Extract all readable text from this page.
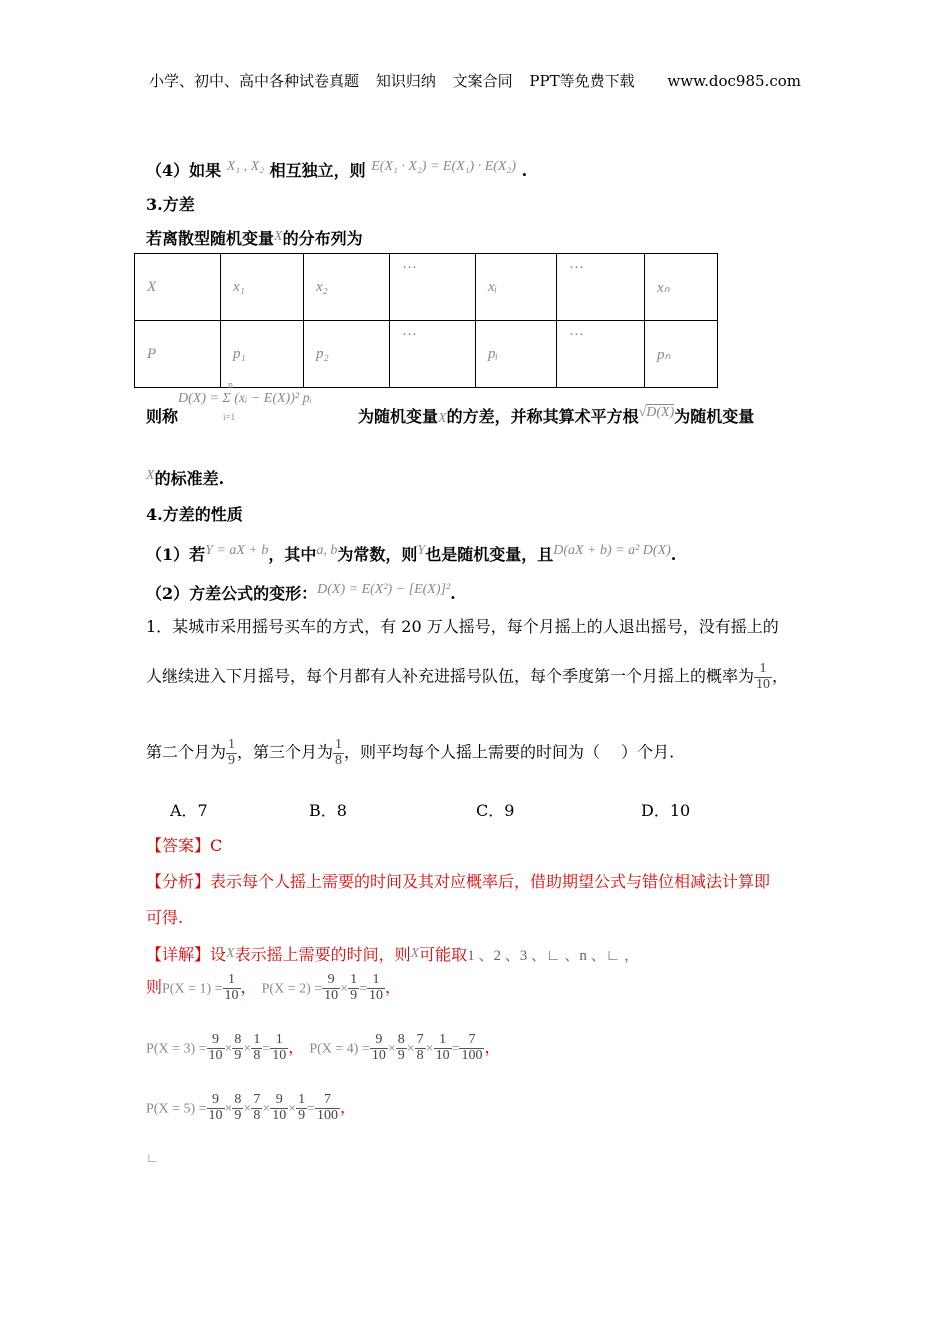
小学、初中、高中各种试卷真题 知识归纳 文案合同 PPT等免费下载 www.doc985.com
（4）如果 X₁ , X₂ 相互独立，则 E(X₁ · X₂) = E(X₁) · E(X₂) .
3.方差
若离散型随机变量X的分布列为
X	x₁	x₂	···	xᵢ	···	xₙ
P	p₁	p₂	···	pᵢ	···	pₙ
则称
n
D(X) = Σ (xᵢ − E(X))² pᵢ
i=1	为随机变量X的方差，并称其算术平方根√D(X)为随机变量
X的标准差.
4.方差的性质
（1）若Y = aX + b，其中a, b为常数，则Y也是随机变量，且D(aX + b) = a² D(X).
（2）方差公式的变形：D(X) = E(X²) − [E(X)]².
1．某城市采用摇号买车的方式，有 20 万人摇号，每个月摇上的人退出摇号，没有摇上的
人继续进入下月摇号，每个月都有人补充进摇号队伍，每个季度第一个月摇上的概率为 $\frac{1}{10}$ ，
第二个月为 $\frac{1}{9}$ ，第三个月为 $\frac{1}{8}$ ，则平均每个人摇上需要的时间为（　 ）个月.
A．7	B．8	C．9	D．10
【答案】C
【分析】表示每个人摇上需要的时间及其对应概率后，借助期望公式与错位相减法计算即
可得.
【详解】设X表示摇上需要的时间，则X可能取1 、2 、3 、∟ 、n 、∟ ，
则$P(X = 1) = \frac{1}{10}$ ， $P(X = 2) = \frac{9}{10} \times \frac{1}{9} = \frac{1}{10}$ ，
$P(X = 3) = \frac{9}{10} \times \frac{8}{9} \times \frac{1}{8} = \frac{1}{10}$ ， $P(X = 4) = \frac{9}{10} \times \frac{8}{9} \times \frac{7}{8} \times \frac{1}{10} = \frac{7}{100}$ ，
$P(X = 5) = \frac{9}{10} \times \frac{8}{9} \times \frac{7}{8} \times \frac{9}{10} \times \frac{1}{9} = \frac{7}{100}$ ，
∟
